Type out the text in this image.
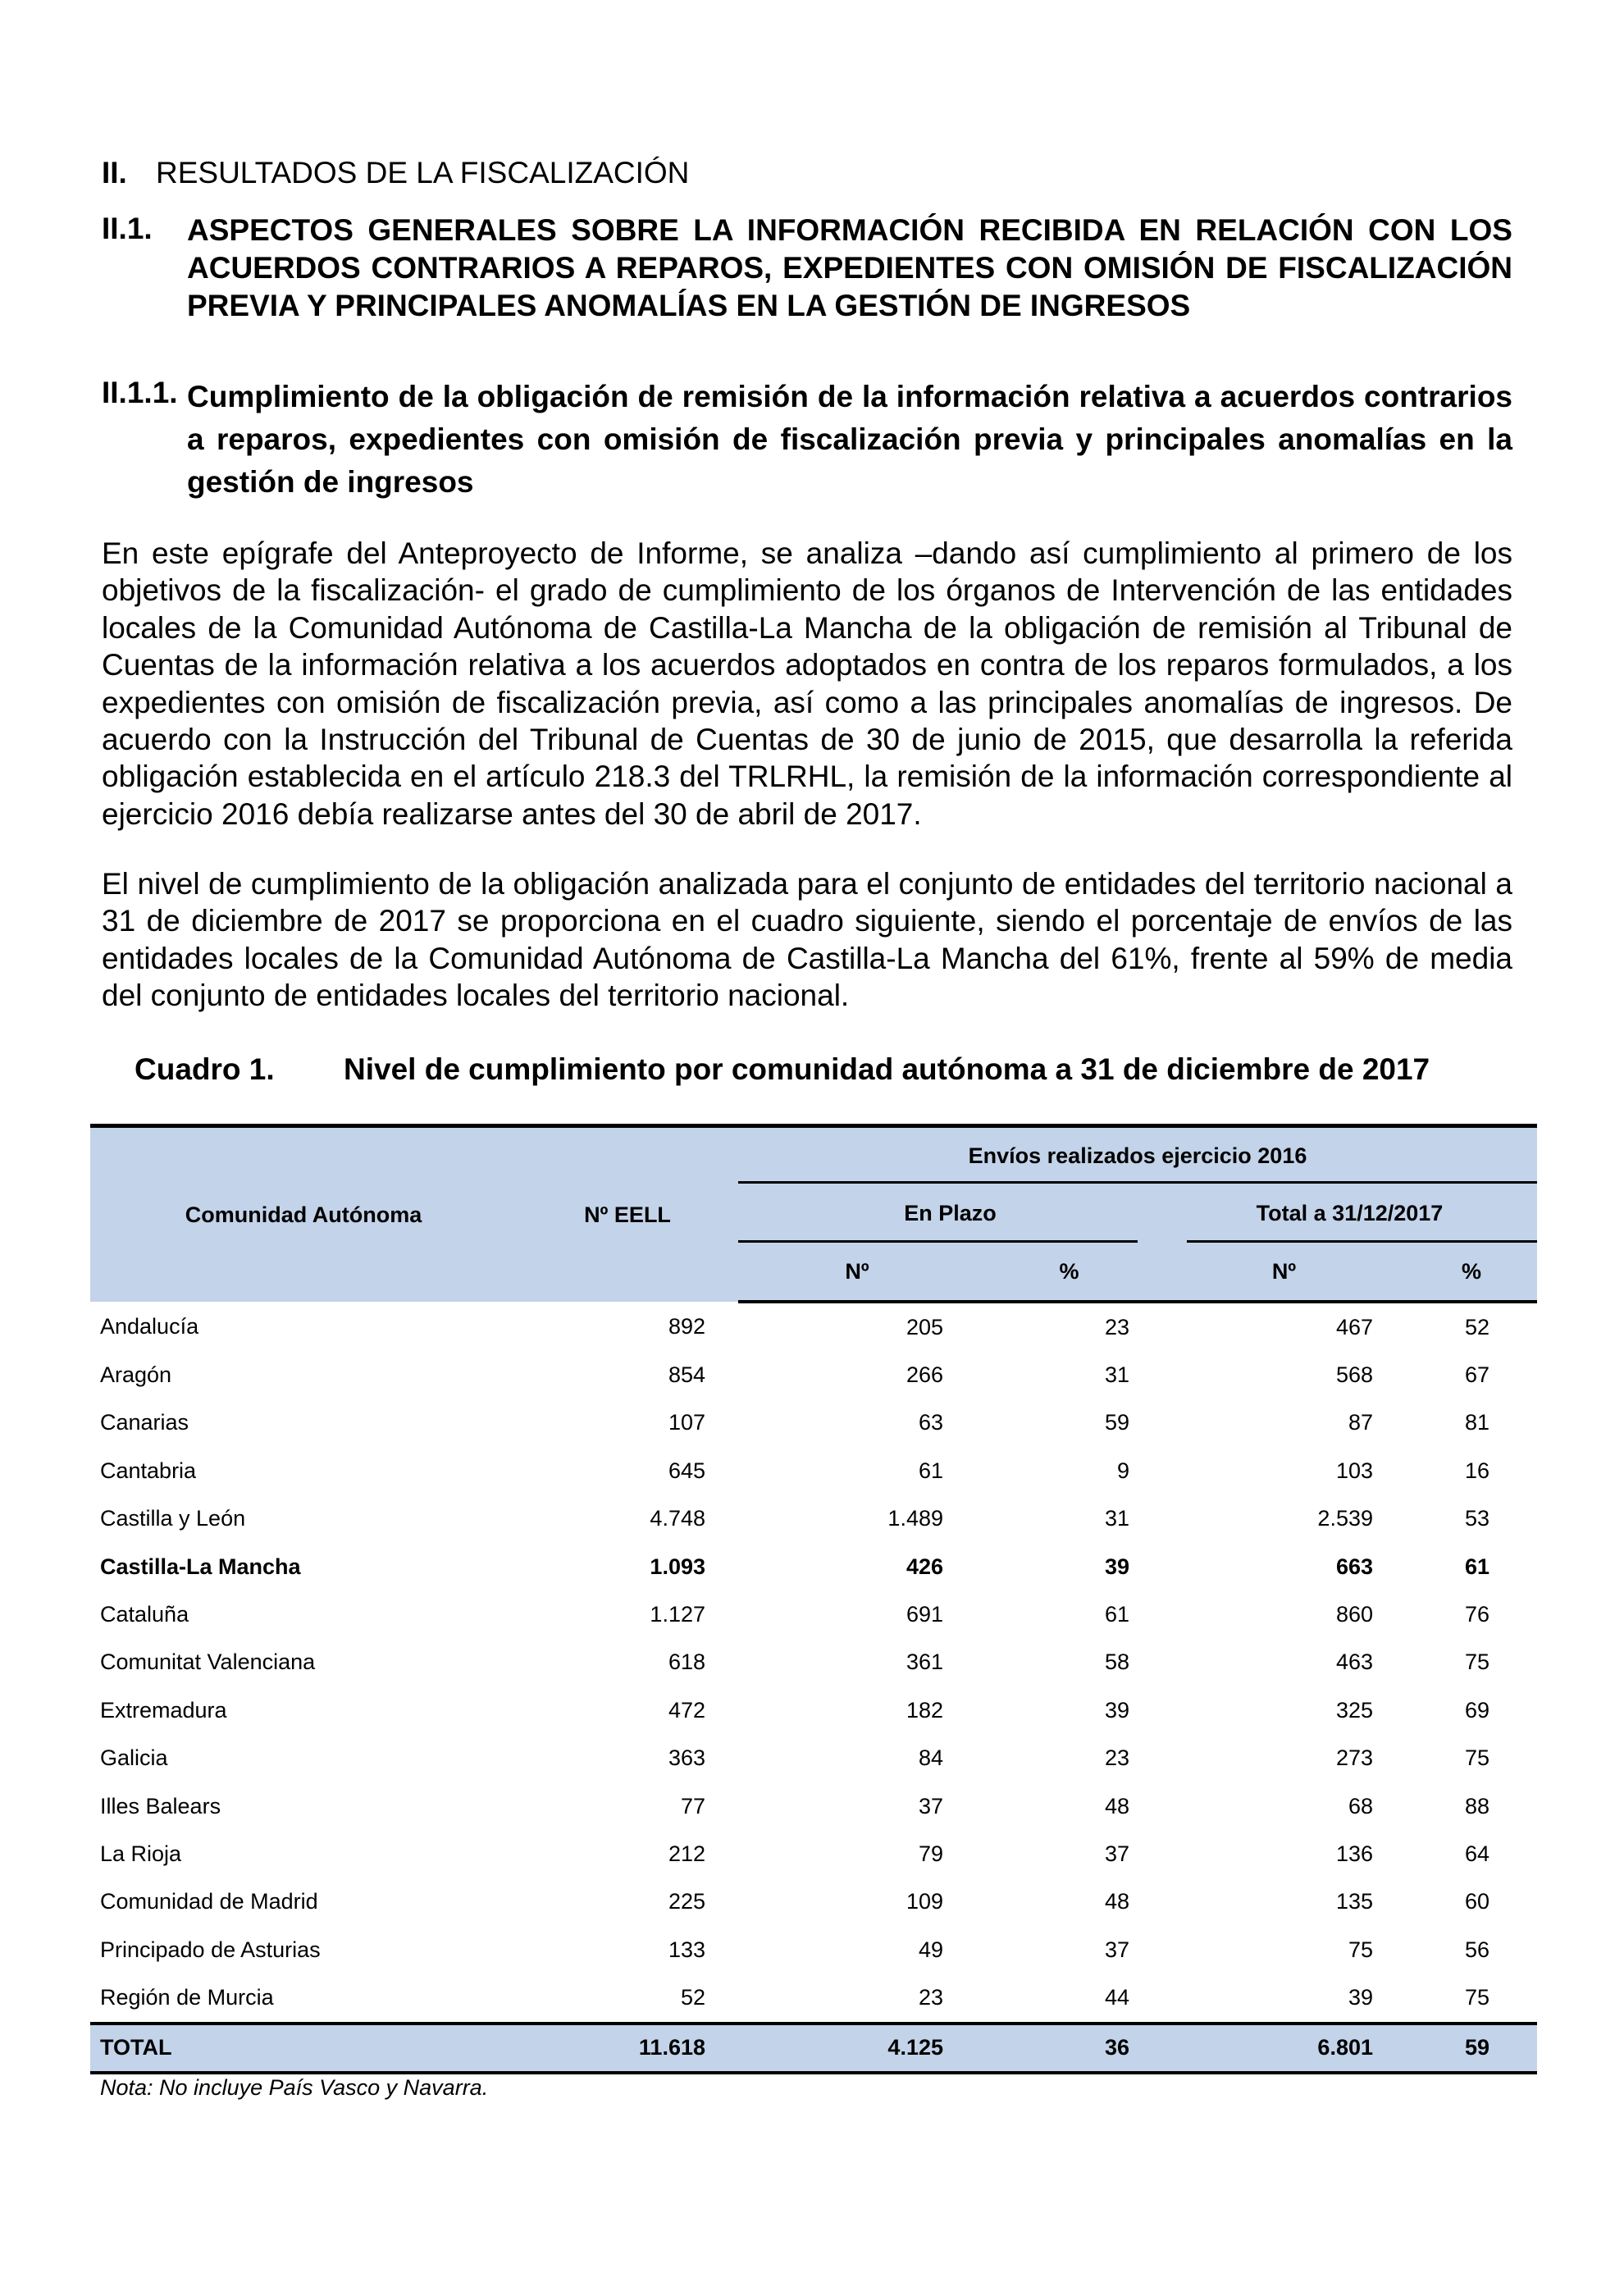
II. RESULTADOS DE LA FISCALIZACIÓN
II.1. ASPECTOS GENERALES SOBRE LA INFORMACIÓN RECIBIDA EN RELACIÓN CON LOS ACUERDOS CONTRARIOS A REPAROS, EXPEDIENTES CON OMISIÓN DE FISCALIZACIÓN PREVIA Y PRINCIPALES ANOMALÍAS EN LA GESTIÓN DE INGRESOS
II.1.1. Cumplimiento de la obligación de remisión de la información relativa a acuerdos contrarios a reparos, expedientes con omisión de fiscalización previa y principales anomalías en la gestión de ingresos

En este epígrafe del Anteproyecto de Informe, se analiza –dando así cumplimiento al primero de los objetivos de la fiscalización- el grado de cumplimiento de los órganos de Intervención de las entidades locales de la Comunidad Autónoma de Castilla-La Mancha de la obligación de remisión al Tribunal de Cuentas de la información relativa a los acuerdos adoptados en contra de los reparos formulados, a los expedientes con omisión de fiscalización previa, así como a las principales anomalías de ingresos. De acuerdo con la Instrucción del Tribunal de Cuentas de 30 de junio de 2015, que desarrolla la referida obligación establecida en el artículo 218.3 del TRLRHL, la remisión de la información correspondiente al ejercicio 2016 debía realizarse antes del 30 de abril de 2017.

El nivel de cumplimiento de la obligación analizada para el conjunto de entidades del territorio nacional a 31 de diciembre de 2017 se proporciona en el cuadro siguiente, siendo el porcentaje de envíos de las entidades locales de la Comunidad Autónoma de Castilla-La Mancha del 61%, frente al 59% de media del conjunto de entidades locales del territorio nacional.

Cuadro 1. Nivel de cumplimiento por comunidad autónoma a 31 de diciembre de 2017
Comunidad Autónoma	Nº EELL	Envíos realizados ejercicio 2016			
		En Plazo		Total a 31/12/2017	
		Nº	%	Nº	%
Andalucía	892	205	23	467	52
Aragón	854	266	31	568	67
Canarias	107	63	59	87	81
Cantabria	645	61	9	103	16
Castilla y León	4.748	1.489	31	2.539	53
Castilla-La Mancha	1.093	426	39	663	61
Cataluña	1.127	691	61	860	76
Comunitat Valenciana	618	361	58	463	75
Extremadura	472	182	39	325	69
Galicia	363	84	23	273	75
Illes Balears	77	37	48	68	88
La Rioja	212	79	37	136	64
Comunidad de Madrid	225	109	48	135	60
Principado de Asturias	133	49	37	75	56
Región de Murcia	52	23	44	39	75
TOTAL	11.618	4.125	36	6.801	59
Nota: No incluye País Vasco y Navarra.
